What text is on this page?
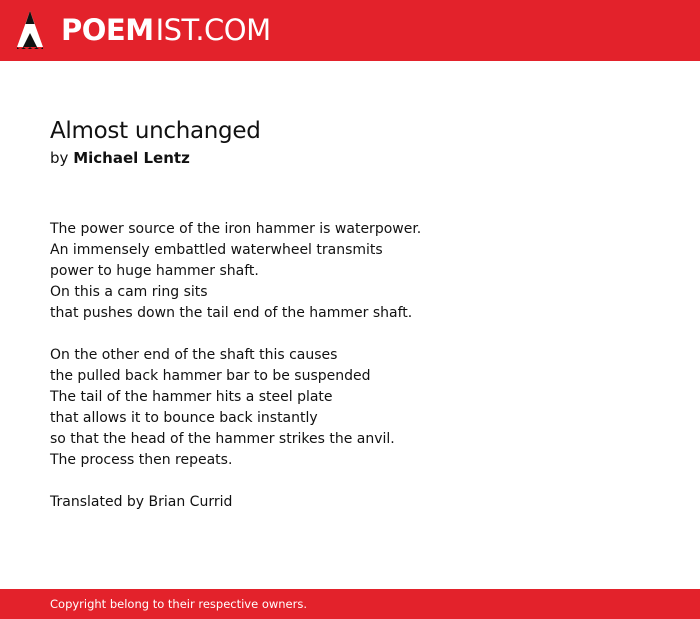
POEM IST.COM
Almost unchanged
by Michael Lentz
The power source of the iron hammer is waterpower.
An immensely embattled waterwheel transmits
power to huge hammer shaft.
On this a cam ring sits
that pushes down the tail end of the hammer shaft.
On the other end of the shaft this causes
the pulled back hammer bar to be suspended
The tail of the hammer hits a steel plate
that allows it to bounce back instantly
so that the head of the hammer strikes the anvil.
The process then repeats.
Translated by Brian Currid
Copyright belong to their respective owners.
